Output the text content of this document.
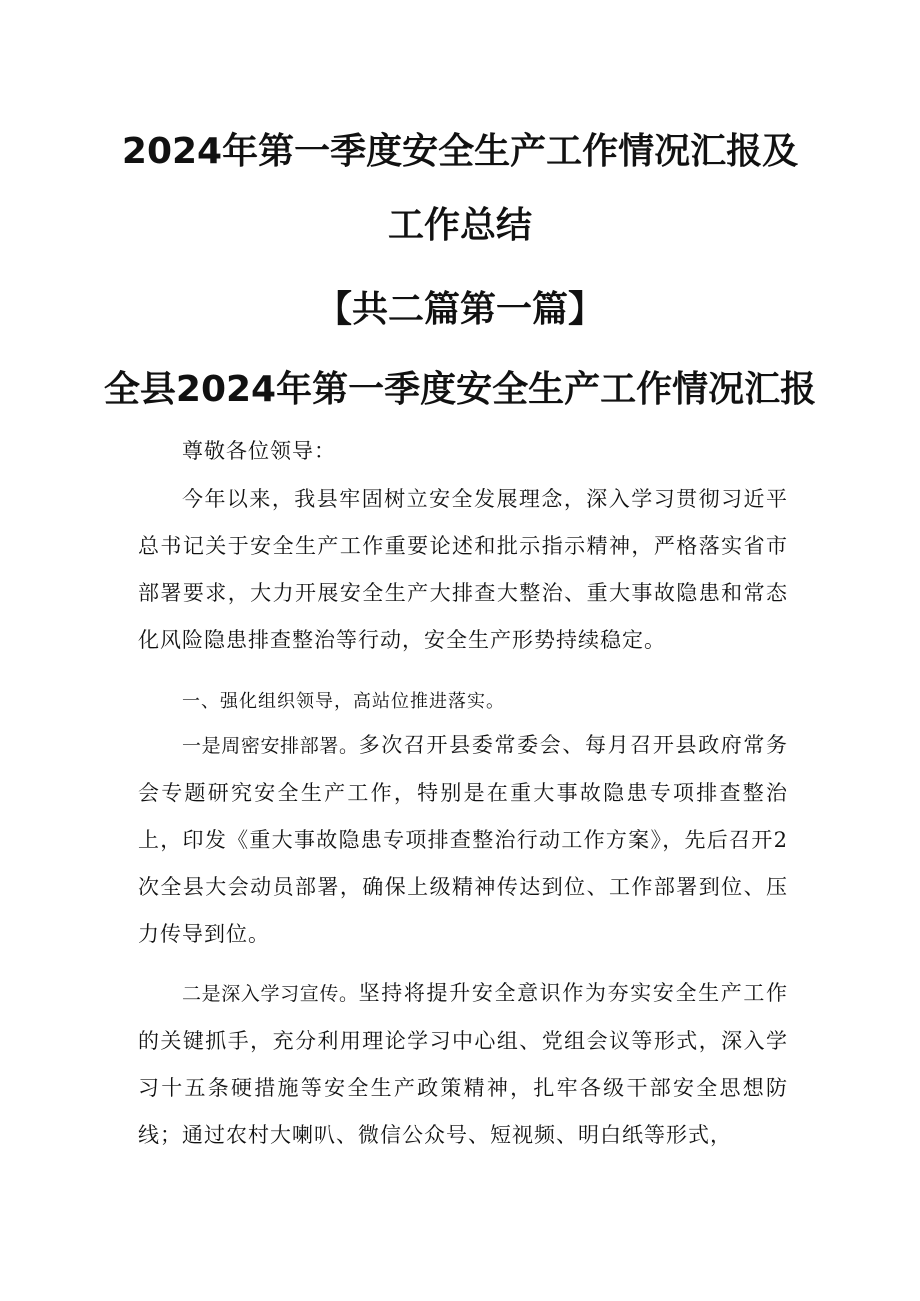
2024年第一季度安全生产工作情况汇报及
工作总结
【共二篇第一篇】
全县2024年第一季度安全生产工作情况汇报

尊敬各位领导：

今年以来，我县牢固树立安全发展理念，深入学习贯彻习近平总书记关于安全生产工作重要论述和批示指示精神，严格落实省市部署要求，大力开展安全生产大排查大整治、重大事故隐患和常态化风险隐患排查整治等行动，安全生产形势持续稳定。

一、强化组织领导，高站位推进落实。

一是周密安排部署。多次召开县委常委会、每月召开县政府常务会专题研究安全生产工作，特别是在重大事故隐患专项排查整治上，印发《重大事故隐患专项排查整治行动工作方案》，先后召开2次全县大会动员部署，确保上级精神传达到位、工作部署到位、压力传导到位。

二是深入学习宣传。坚持将提升安全意识作为夯实安全生产工作的关键抓手，充分利用理论学习中心组、党组会议等形式，深入学习十五条硬措施等安全生产政策精神，扎牢各级干部安全思想防线；通过农村大喇叭、微信公众号、短视频、明白纸等形式，
